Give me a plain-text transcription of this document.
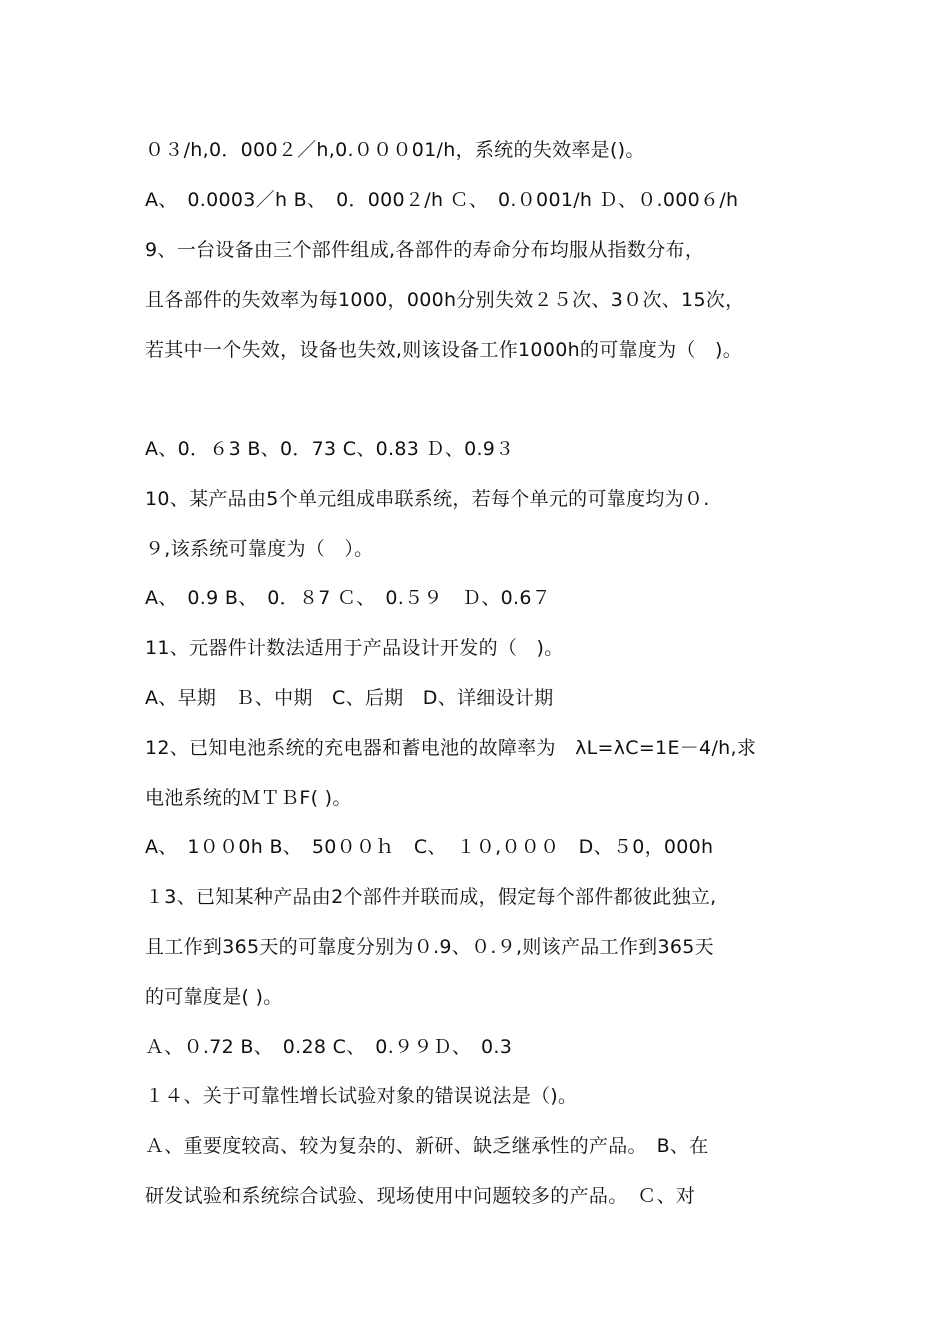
０３/h,0．000２／h,0.０００01/h，系统的失效率是()。
A、　0.0003／h B、　0．000２/h Ｃ、　0.０001/h Ｄ、０.000６/h
9、一台设备由三个部件组成,各部件的寿命分布均服从指数分布，
且各部件的失效率为每1000，000h分别失效２５次、3０次、15次，
若其中一个失效，设备也失效,则该设备工作1000h的可靠度为（　)。
A、0．６3 B、0．73 C、0.83 Ｄ、0.9３
10、某产品由5个单元组成串联系统，若每个单元的可靠度均为０.
９,该系统可靠度为（　）。
A、　0.9 B、　0．８7 Ｃ、　0.５９　Ｄ、0.6７
11、元器件计数法适用于产品设计开发的（　)。
A、早期　Ｂ、中期　C、后期　D、详细设计期
12、已知电池系统的充电器和蓄电池的故障率为　λL=λC=1E－4/h,求
电池系统的ＭＴＢF( )。
A、　1００0h B、　50００ｈ　C、　１０,０００　D、５0，000h
１3、已知某种产品由2个部件并联而成，假定每个部件都彼此独立,
且工作到365天的可靠度分别为０.9、０.９,则该产品工作到365天
的可靠度是( )。
Ａ、０.72 B、　0.28 C、　0.９９Ｄ、　0.3
１４、关于可靠性增长试验对象的错误说法是（)。
Ａ、重要度较高、较为复杂的、新研、缺乏继承性的产品。　B、在
研发试验和系统综合试验、现场使用中问题较多的产品。　Ｃ、对
